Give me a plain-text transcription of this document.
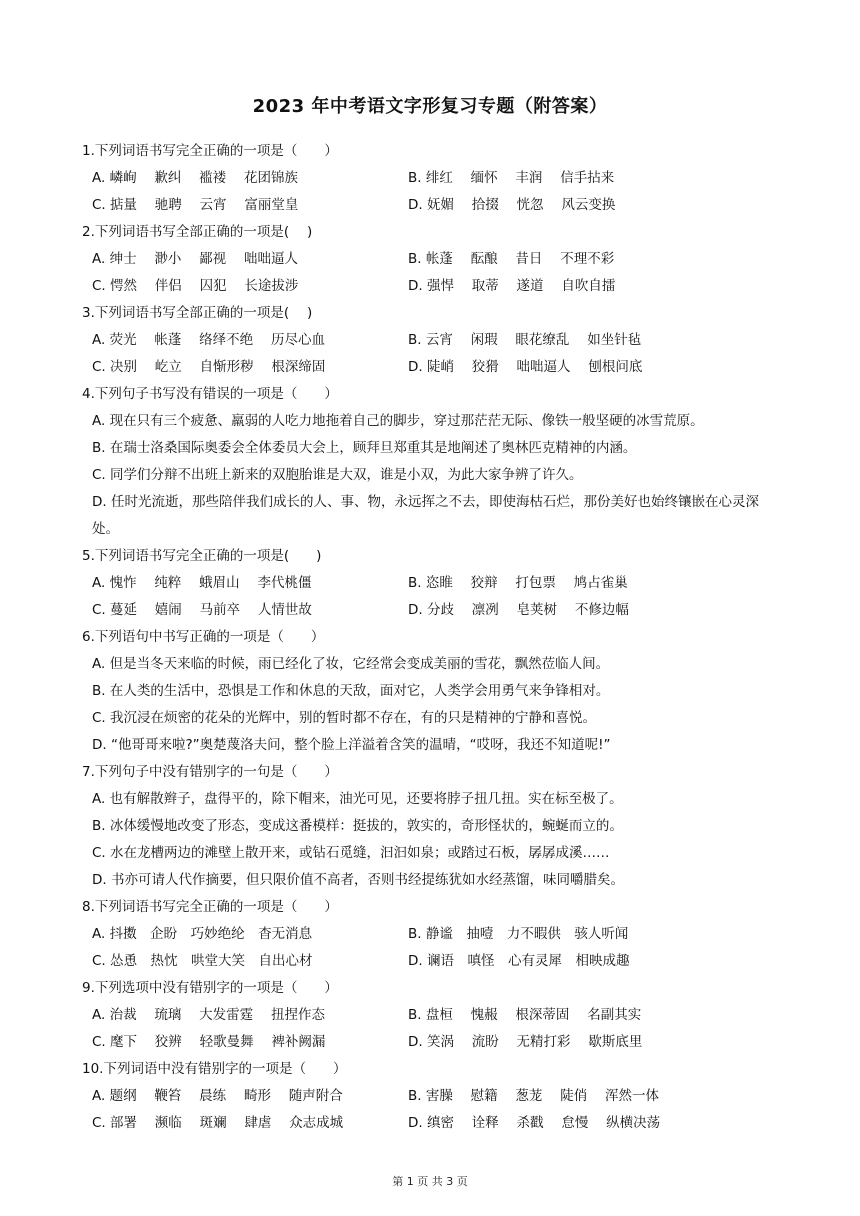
2023 年中考语文字形复习专题（附答案）
1.下列词语书写完全正确的一项是（　　）
A. 嶙峋　 歉纠　 褴褛　 花团锦族	B. 绯红　 缅怀　 丰润　 信手拈来
C. 掂量　 驰聘　 云宵　 富丽堂皇	D. 妩媚　 拾掇　 恍忽　 风云变换
2.下列词语书写全部正确的一项是(　 )
A. 绅士　 渺小　 鄙视　 咄咄逼人	B. 帐蓬　 酝酿　 昔日　 不理不彩
C. 愕然　 伴侣　 囚犯　 长途拔涉	D. 强悍　 取蒂　 遂道　 自吹自擂
3.下列词语书写全部正确的一项是(　 )
A. 荧光　 帐蓬　 络绎不绝　 历尽心血	B. 云宵　 闲瑕　 眼花缭乱　 如坐针毡
C. 决别　 屹立　 自惭形秽　 根深缔固	D. 陡峭　 狡猾　 咄咄逼人　 刨根问底
4.下列句子书写没有错误的一项是（　　）
A. 现在只有三个疲惫、羸弱的人吃力地拖着自己的脚步，穿过那茫茫无际、像铁一般坚硬的冰雪荒原。
B. 在瑞士洛桑国际奥委会全体委员大会上，顾拜旦郑重其是地阐述了奥林匹克精神的内涵。
C. 同学们分辩不出班上新来的双胞胎谁是大双，谁是小双，为此大家争辨了许久。
D. 任时光流逝，那些陪伴我们成长的人、事、物，永远挥之不去，即使海枯石烂，那份美好也始终镶嵌在心灵深处。
5.下列词语书写完全正确的一项是(　　)
A. 愧怍　 纯粹　 蛾眉山　 李代桃僵	B. 恣睢　 狡辩　 打包票　 鸠占雀巢
C. 蔓延　 嬉闹　 马前卒　 人情世故	D. 分歧　 凛冽　 皂荚树　 不修边幅
6.下列语句中书写正确的一项是（　　）
A. 但是当冬天来临的时候，雨已经化了妆，它经常会变成美丽的雪花，飘然莅临人间。
B. 在人类的生活中，恐惧是工作和休息的天敌，面对它，人类学会用勇气来争锋相对。
C. 我沉浸在烦密的花朵的光辉中，别的暂时都不存在，有的只是精神的宁静和喜悦。
D. “他哥哥来啦?”奥楚蔑洛夫问，整个脸上洋溢着含笑的温晴，“哎呀，我还不知道呢!”
7.下列句子中没有错别字的一句是（　　）
A. 也有解散辫子，盘得平的，除下帽来，油光可见，还要将脖子扭几扭。实在标至极了。
B. 冰体缓慢地改变了形态，变成这番模样：挺拔的，敦实的，奇形怪状的，蜿蜒而立的。
C. 水在龙槽两边的滩壁上散开来，或钻石觅缝，汩汩如泉；或踏过石板，孱孱成溪……
D. 书亦可请人代作摘要，但只限价值不高者，否则书经提练犹如水经蒸馏，味同嚼腊矣。
8.下列词语书写完全正确的一项是（　　）
A. 抖擞　企盼　巧妙绝纶　杳无消息	B. 静谧　抽噎　力不暇供　骇人听闻
C. 怂恿　热忱　哄堂大笑　自出心材	D. 谰语　嗔怪　心有灵犀　相映成趣
9.下列选项中没有错别字的一项是（　　）
A. 治裁　 琉璃　 大发雷霆　 扭捏作态	B. 盘桓　 愧赧　 根深蒂固　 名副其实
C. 麾下　 狡辨　 轻歌曼舞　 裨补阙漏	D. 笑涡　 流盼　 无精打彩　 歇斯底里
10.下列词语中没有错别字的一项是（　　）
A. 题纲　 鞭笞　 晨练　 畸形　 随声附合	B. 害臊　 慰籍　 葱茏　 陡俏　 浑然一体
C. 部署　 濒临　 斑斓　 肆虐　 众志成城	D. 缜密　 诠释　 杀戳　 怠慢　 纵横决荡
第 1 页 共 3 页
